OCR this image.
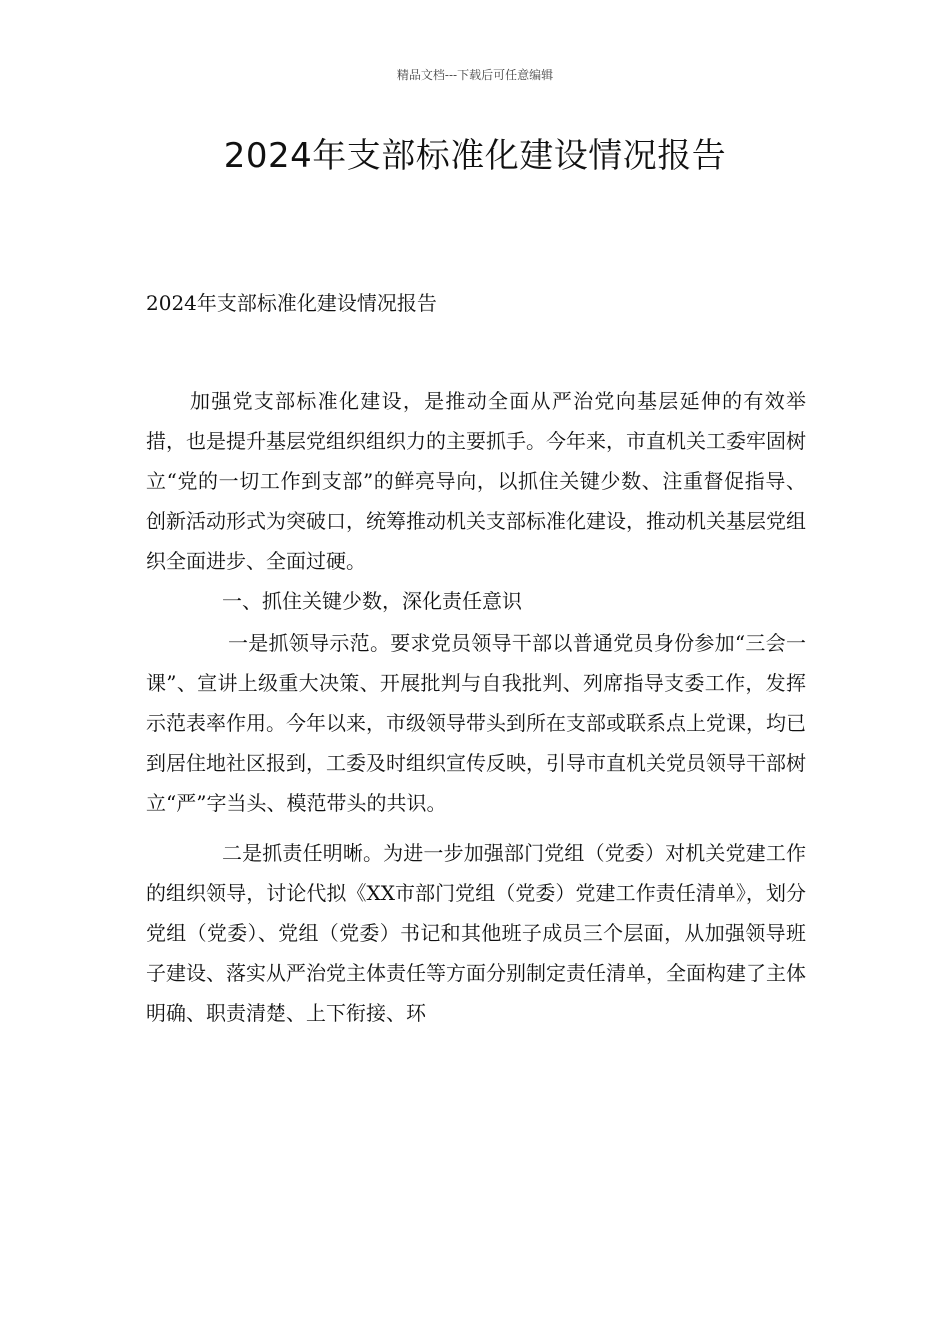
精品文档---下载后可任意编辑
2024年支部标准化建设情况报告
2024年支部标准化建设情况报告

加强党支部标准化建设，是推动全面从严治党向基层延伸的有效举措，也是提升基层党组织组织力的主要抓手。今年来，市直机关工委牢固树立“党的一切工作到支部”的鲜亮导向，以抓住关键少数、注重督促指导、创新活动形式为突破口，统筹推动机关支部标准化建设，推动机关基层党组织全面进步、全面过硬。

一、抓住关键少数，深化责任意识

一是抓领导示范。要求党员领导干部以普通党员身份参加“三会一课”、宣讲上级重大决策、开展批判与自我批判、列席指导支委工作，发挥示范表率作用。今年以来，市级领导带头到所在支部或联系点上党课，均已到居住地社区报到，工委及时组织宣传反映，引导市直机关党员领导干部树立“严”字当头、模范带头的共识。

二是抓责任明晰。为进一步加强部门党组（党委）对机关党建工作的组织领导，讨论代拟《XX市部门党组（党委）党建工作责任清单》，划分党组（党委）、党组（党委）书记和其他班子成员三个层面，从加强领导班子建设、落实从严治党主体责任等方面分别制定责任清单，全面构建了主体明确、职责清楚、上下衔接、环
